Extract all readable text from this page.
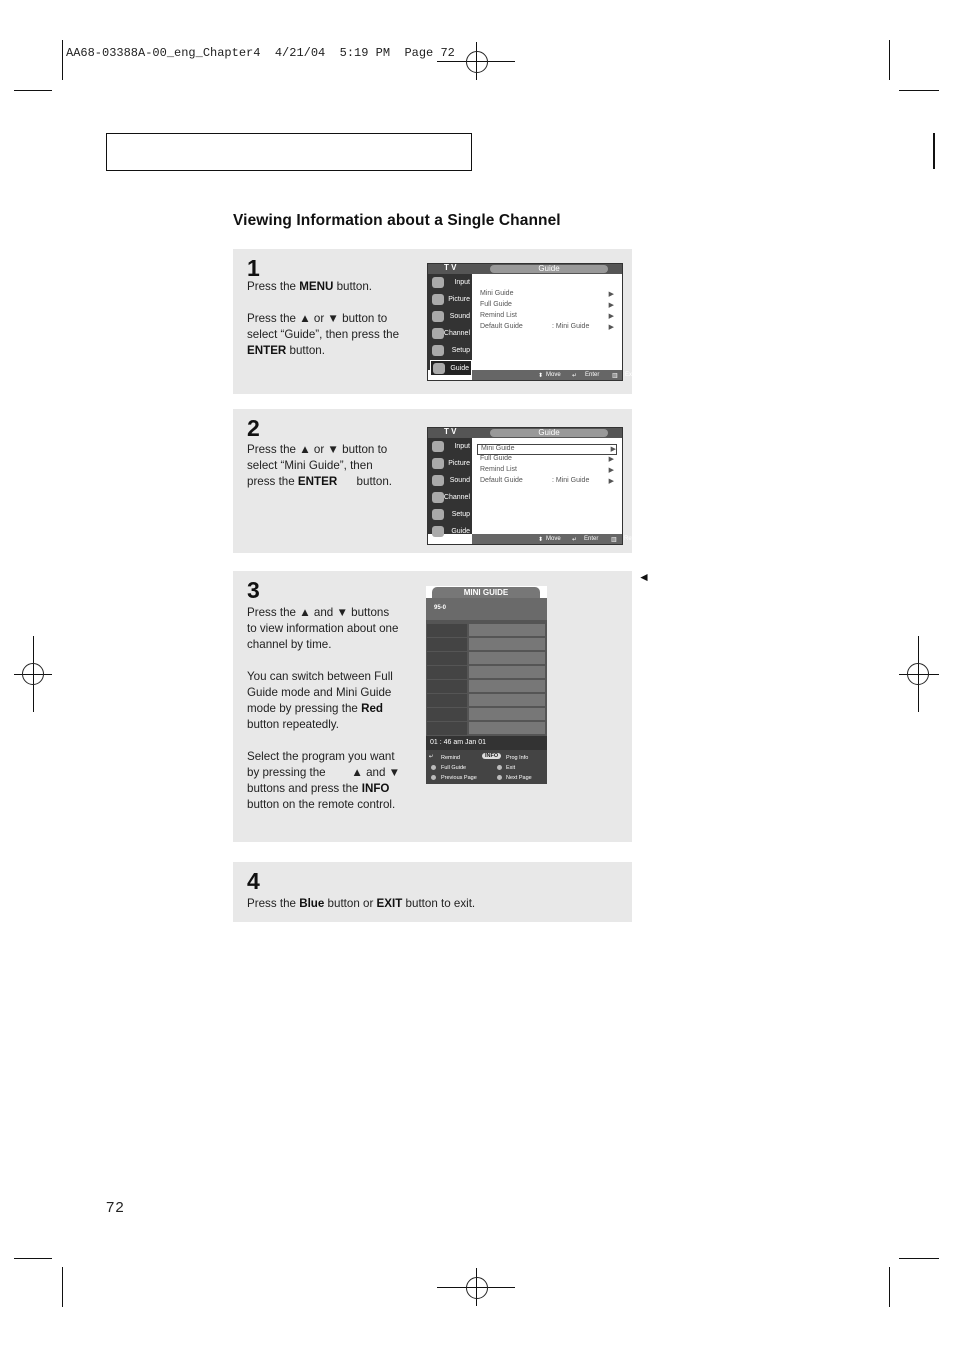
AA68-03388A-00_eng_Chapter4  4/21/04  5:19 PM  Page 72
Viewing Information about a Single Channel
1

Press the MENU button.

Press the ▲ or ▼ button to select “Guide”, then press the ENTER button.

T V	Guide
Input
Picture
Sound
Channel
Setup
Guide
Mini Guide	▶
Full Guide	▶
Remind List	▶
Default Guide	: Mini Guide	▶
⬍ Move ↵ Enter ▥ Exit
2

Press the ▲ or ▼ button to select “Mini Guide”, then press the ENTER      button.

T V	Guide
Input
Picture
Sound
Channel
Setup
Guide
Mini Guide	▶
Full Guide	▶
Remind List	▶
Default Guide	: Mini Guide	▶
⬍ Move ↵ Enter ▥ Return
3

Press the ▲ and ▼ buttons to view information about one channel by time.

You can switch between Full Guide mode and Mini Guide mode by pressing the Red button repeatedly.

Select the program you want by pressing the        ▲ and ▼ buttons and press the INFO button on the remote control.

MINI GUIDE
95-0
01 : 46 am Jan 01
↵ Remind	INFO	Prog Info
Full Guide	Exit
Previous Page	Next Page
◄
4

Press the Blue button or EXIT button to exit.

72
